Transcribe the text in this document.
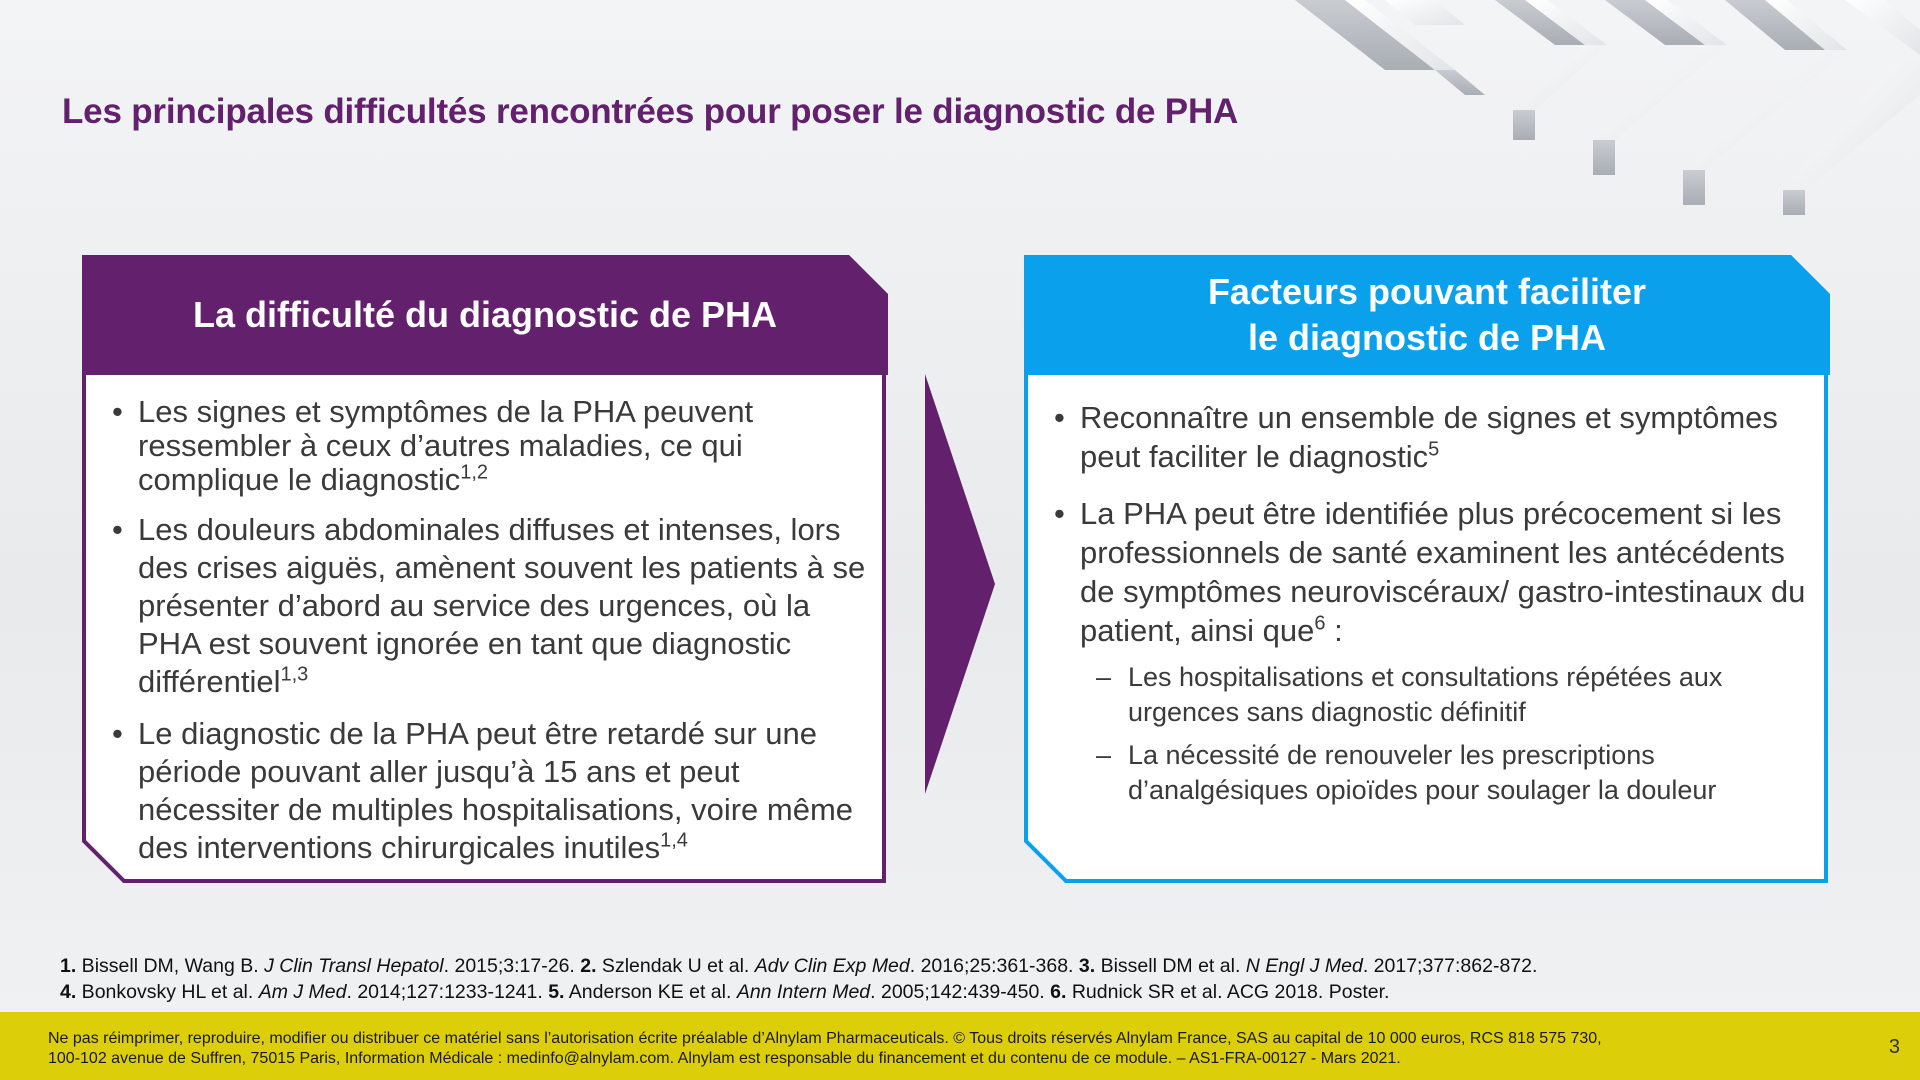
Les principales difficultés rencontrées pour poser le diagnostic de PHA
La difficulté du diagnostic de PHA
• Les signes et symptômes de la PHA peuvent ressembler à ceux d’autres maladies, ce qui complique le diagnostic$^{1,2}$
• Les douleurs abdominales diffuses et intenses, lors des crises aiguës, amènent souvent les patients à se présenter d’abord au service des urgences, où la PHA est souvent ignorée en tant que diagnostic différentiel$^{1,3}$
• Le diagnostic de la PHA peut être retardé sur une période pouvant aller jusqu’à 15 ans et peut nécessiter de multiples hospitalisations, voire même des interventions chirurgicales inutiles$^{1,4}$
Facteurs pouvant faciliter
le diagnostic de PHA
• Reconnaître un ensemble de signes et symptômes peut faciliter le diagnostic$^5$
• La PHA peut être identifiée plus précocement si les professionnels de santé examinent les antécédents de symptômes neuroviscéraux/ gastro-intestinaux du patient, ainsi que$^6$ :
– Les hospitalisations et consultations répétées aux urgences sans diagnostic définitif
– La nécessité de renouveler les prescriptions d’analgésiques opioïdes pour soulager la douleur

1. Bissell DM, Wang B. J Clin Transl Hepatol. 2015;3:17-26. 2. Szlendak U et al. Adv Clin Exp Med. 2016;25:361-368. 3. Bissell DM et al. N Engl J Med. 2017;377:862-872.

4. Bonkovsky HL et al. Am J Med. 2014;127:1233-1241. 5. Anderson KE et al. Ann Intern Med. 2005;142:439-450. 6. Rudnick SR et al. ACG 2018. Poster.

Ne pas réimprimer, reproduire, modifier ou distribuer ce matériel sans l’autorisation écrite préalable d’Alnylam Pharmaceuticals. © Tous droits réservés Alnylam France, SAS au capital de 10 000 euros, RCS 818 575 730,

100-102 avenue de Suffren, 75015 Paris, Information Médicale : medinfo@alnylam.com. Alnylam est responsable du financement et du contenu de ce module. – AS1-FRA-00127 - Mars 2021.

3
